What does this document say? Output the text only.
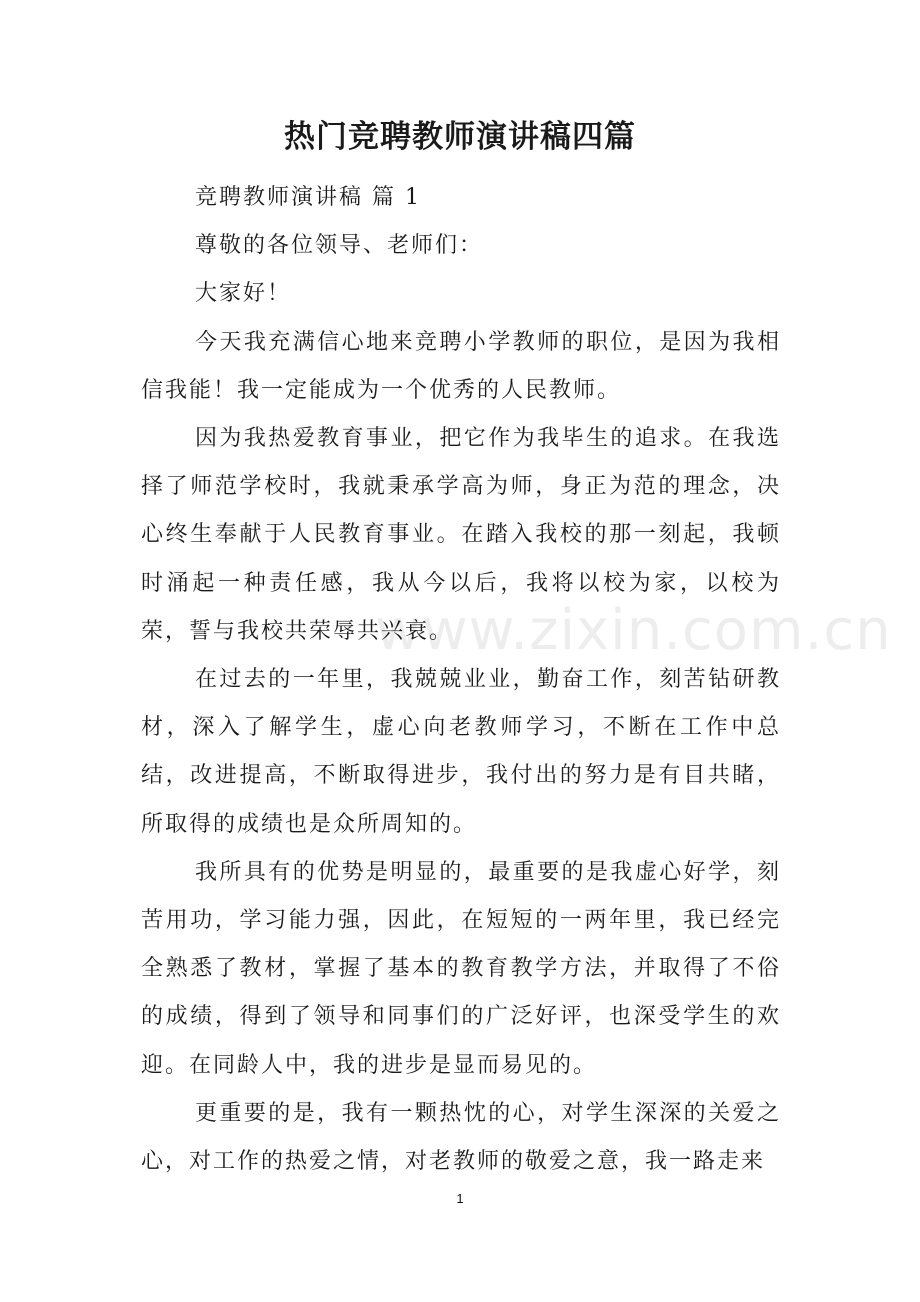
热门竞聘教师演讲稿四篇

竞聘教师演讲稿 篇 1

尊敬的各位领导、老师们：

大家好！

今天我充满信心地来竞聘小学教师的职位，是因为我相信我能！我一定能成为一个优秀的人民教师。

因为我热爱教育事业，把它作为我毕生的追求。在我选择了师范学校时，我就秉承学高为师，身正为范的理念，决心终生奉献于人民教育事业。在踏入我校的那一刻起，我顿时涌起一种责任感，我从今以后，我将以校为家，以校为荣，誓与我校共荣辱共兴衰。

在过去的一年里，我兢兢业业，勤奋工作，刻苦钻研教材，深入了解学生，虚心向老教师学习，不断在工作中总结，改进提高，不断取得进步，我付出的努力是有目共睹，所取得的成绩也是众所周知的。

我所具有的优势是明显的，最重要的是我虚心好学，刻苦用功，学习能力强，因此，在短短的一两年里，我已经完全熟悉了教材，掌握了基本的教育教学方法，并取得了不俗的成绩，得到了领导和同事们的广泛好评，也深受学生的欢迎。在同龄人中，我的进步是显而易见的。

更重要的是，我有一颗热忱的心，对学生深深的关爱之心，对工作的热爱之情，对老教师的敬爱之意，我一路走来

www.zixin.com.cn
1
